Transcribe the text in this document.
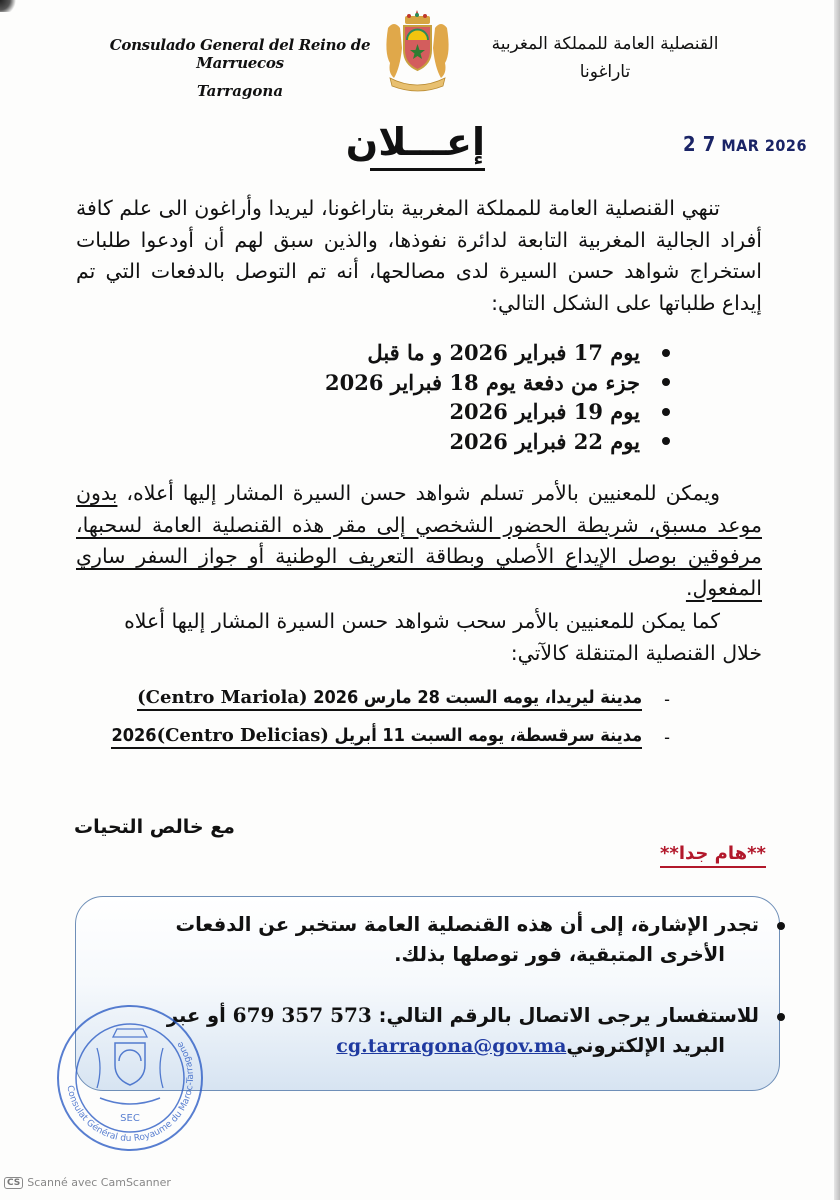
Consulado General del Reino de Marruecos
Tarragona
القنصلية العامة للمملكة المغربية
تاراغونا
إعـــلان	2 7 MAR 2026
تنهي القنصلية العامة للمملكة المغربية بتاراغونا، ليريدا وأراغون الى علم كافة أفراد الجالية المغربية التابعة لدائرة نفوذها، والذين سبق لهم أن أودعوا طلبات استخراج شواهد حسن السيرة لدى مصالحها، أنه تم التوصل بالدفعات التي تم إيداع طلباتها على الشكل التالي:
يوم 17 فبراير 2026 و ما قبل
جزء من دفعة يوم 18 فبراير 2026
يوم 19 فبراير 2026
يوم 22 فبراير 2026
ويمكن للمعنيين بالأمر تسلم شواهد حسن السيرة المشار إليها أعلاه، بدون موعد مسبق، شريطة الحضور الشخصي إلى مقر هذه القنصلية العامة لسحبها، مرفوقين بوصل الإيداع الأصلي وبطاقة التعريف الوطنية أو جواز السفر ساري المفعول.
كما يمكن للمعنيين بالأمر سحب شواهد حسن السيرة المشار إليها أعلاه خلال القنصلية المتنقلة كالآتي:
-
مدينة ليريدا، يومه السبت 28 مارس 2026 (Centro Mariola)
-
مدينة سرقسطة، يومه السبت 11 أبريل 2026(Centro Delicias)
مع خالص التحيات
**هام جدا**
تجدر الإشارة، إلى أن هذه القنصلية العامة ستخبر عن الدفعات
الأخرى المتبقية، فور توصلها بذلك.
للاستفسار يرجى الاتصال بالرقم التالي: 679 357 573 أو عبر
البريد الإلكترونيcg.tarragona@gov.ma
SEC
Consulat Général du Royaume du Maroc-Tarragone
CS Scanné avec CamScanner
